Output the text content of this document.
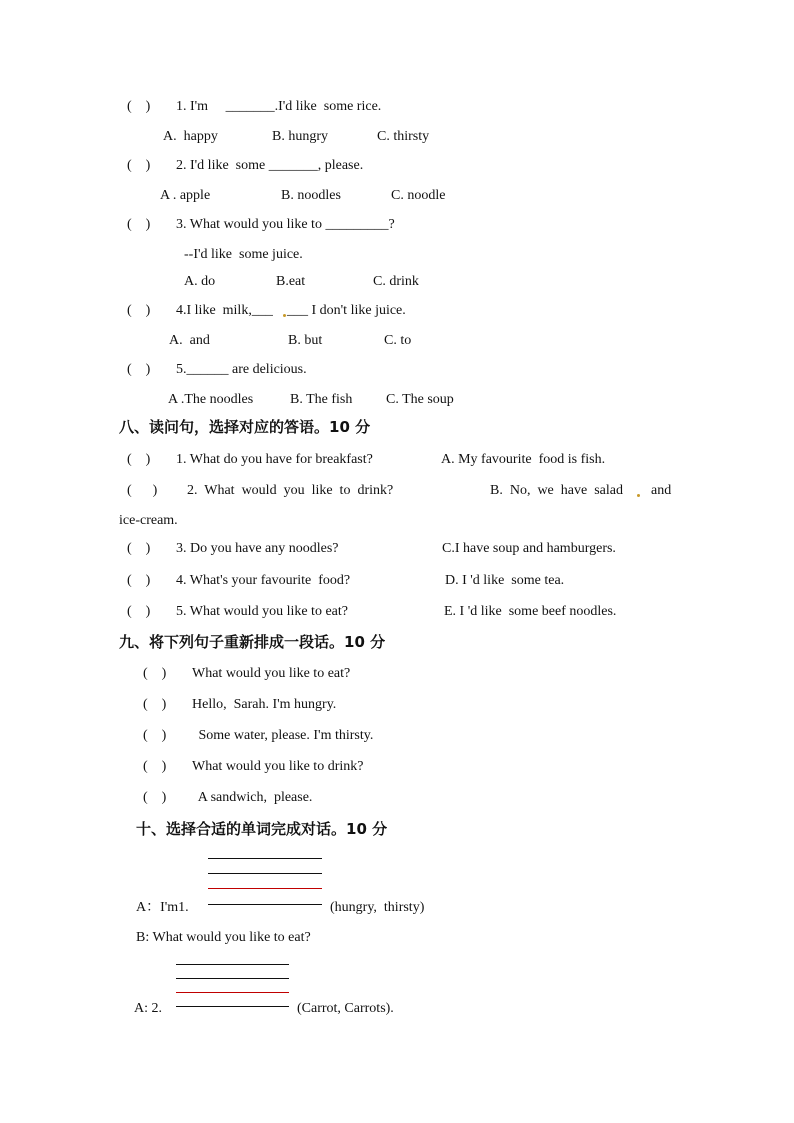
(    ) 1. I'm     _______.I'd like  some rice.
A.  happy	B. hungry	C. thirsty
(    ) 2. I'd like  some _______, please.
A . apple	B. noodles	C. noodle
(    ) 3. What would you like to _________?
--I'd like  some juice.
A. do	B.eat	C. drink
(    ) 4.I like  milk,___ ___ I don't like juice.
A.  and	B. but	C. to
(    ) 5.______ are delicious.
A .The noodles	B. The fish C. The soup
八、读问句，选择对应的答语。10 分
(    ) 1. What do you have for breakfast?	A. My favourite  food is fish.
(      ) 2.  What  would  you  like  to  drink?	B.  No,  we  have  salad and
ice-cream.
(    ) 3. Do you have any noodles?	C.I have soup and hamburgers.
(    ) 4. What's your favourite  food?	D. I 'd like  some tea.
(    ) 5. What would you like to eat?	E. I 'd like  some beef noodles.
九、将下列句子重新排成一段话。10 分
(    ) What would you like to eat?
(    ) Hello,  Sarah. I'm hungry.
(    ) Some water, please. I'm thirsty.
(    ) What would you like to drink?
(    ) A sandwich,  please.
十、选择合适的单词完成对话。10 分
A：I'm1.	(hungry,  thirsty)
B: What would you like to eat?
A: 2.	(Carrot, Carrots).
